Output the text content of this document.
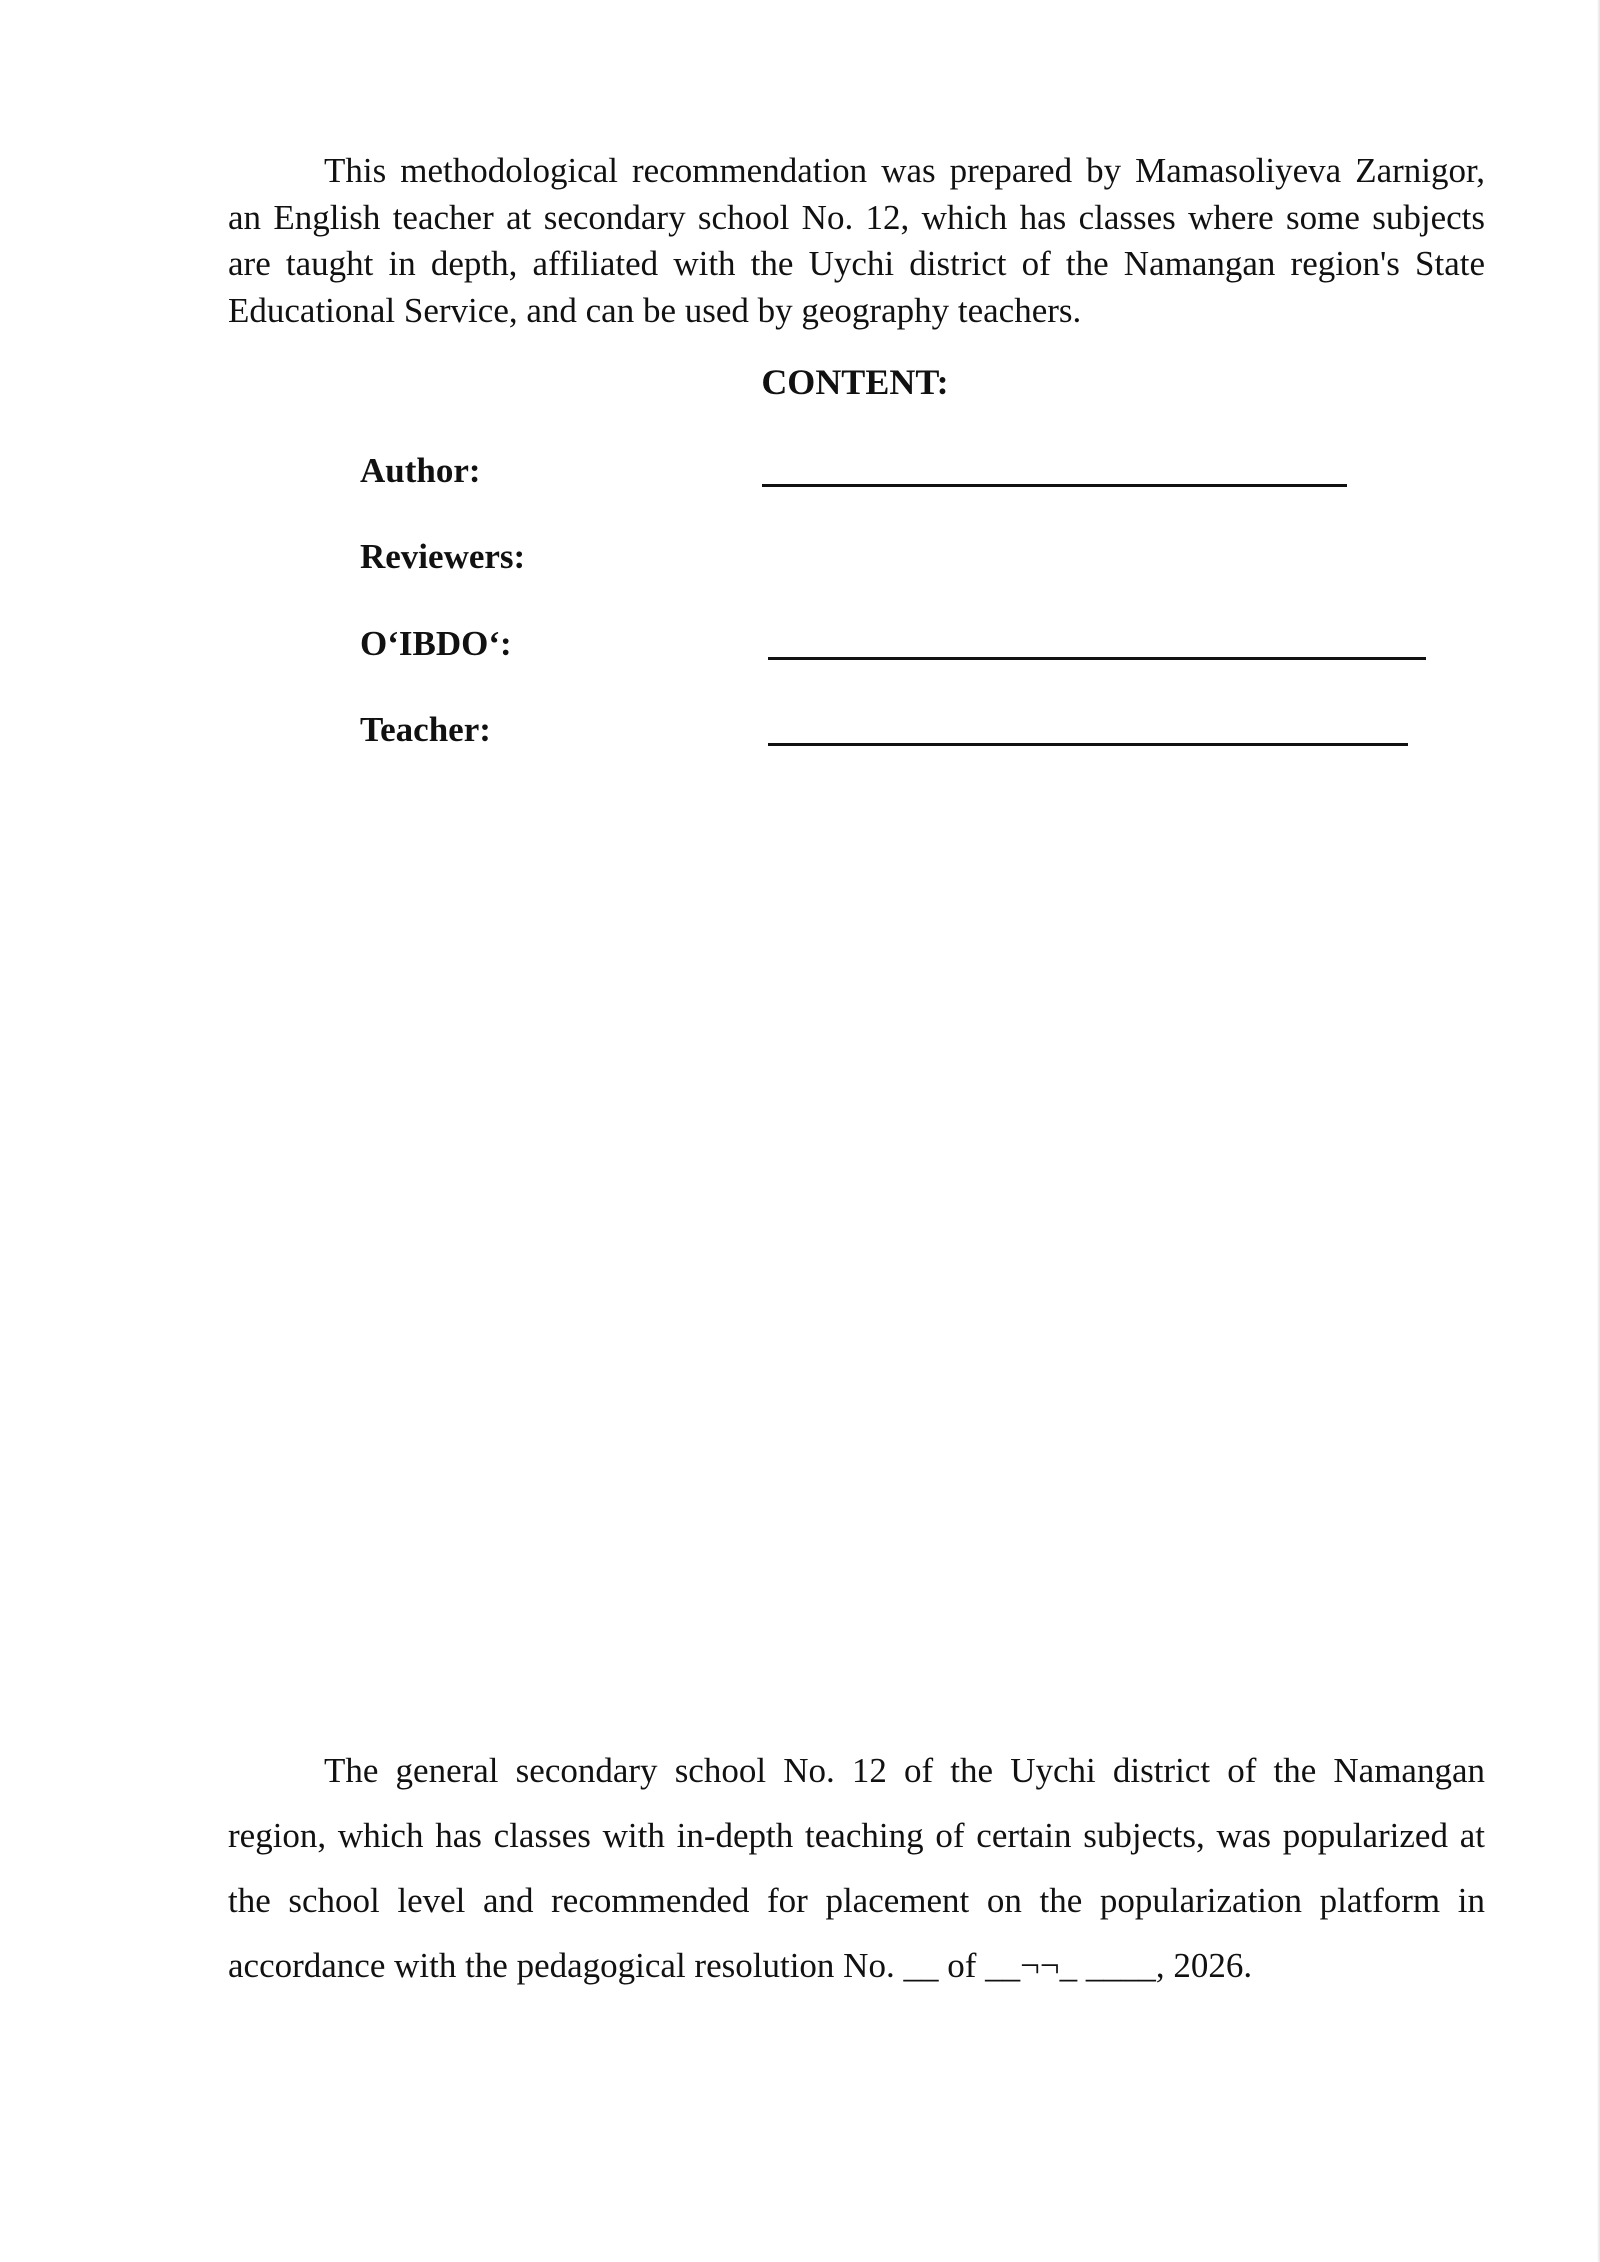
This methodological recommendation was prepared by Mamasoliyeva Zarnigor, an English teacher at secondary school No. 12, which has classes where some subjects are taught in depth, affiliated with the Uychi district of the Namangan region's State Educational Service, and can be used by geography teachers.

CONTENT:
Author:
Reviewers:
O‘IBDO‘:
Teacher:

The general secondary school No. 12 of the Uychi district of the Namangan region, which has classes with in-depth teaching of certain subjects, was popularized at the school level and recommended for placement on the popularization platform in accordance with the pedagogical resolution No. __ of __¬¬_ ____, 2026.
